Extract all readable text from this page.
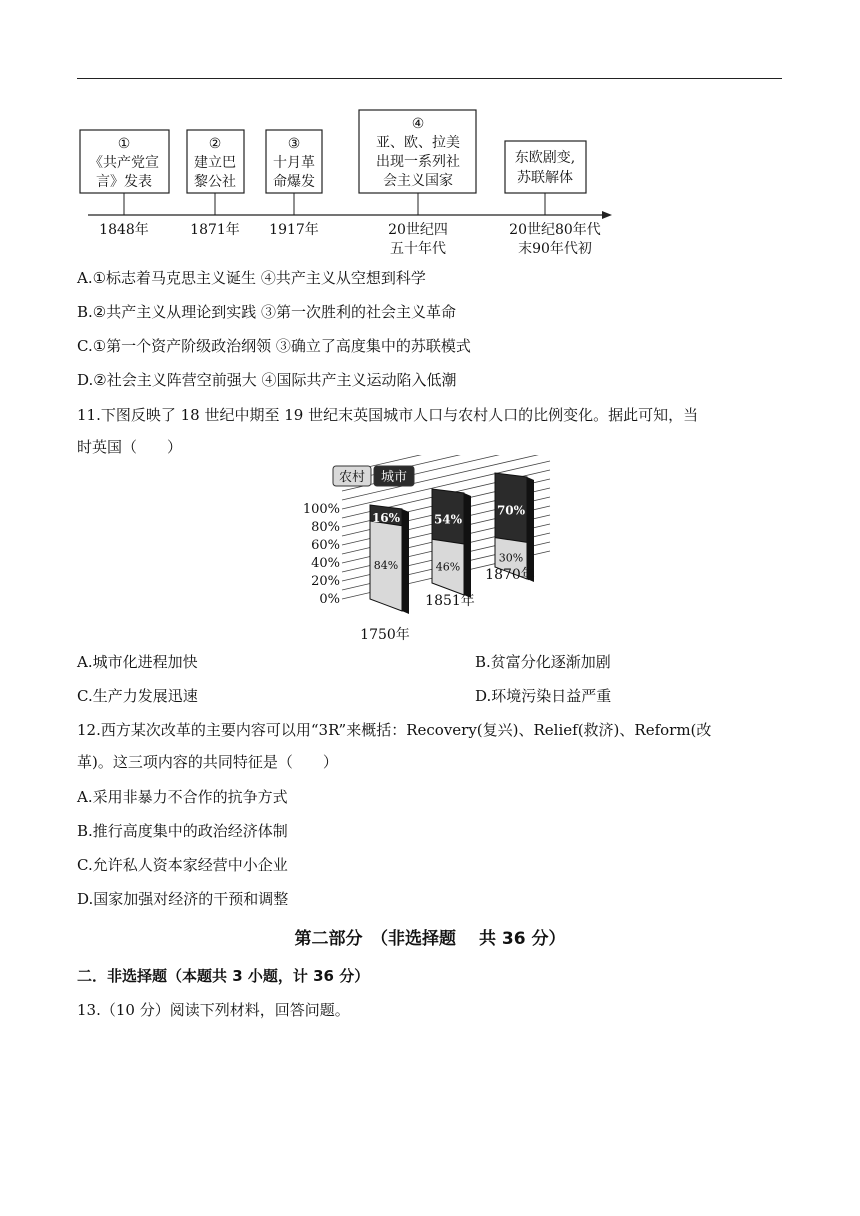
①
《共产党宣
言》发表
②
建立巴
黎公社
③
十月革
命爆发
④
亚、欧、拉美
出现一系列社
会主义国家
东欧剧变,
苏联解体
1848年	1871年 1917年	20世纪四
五十年代
20世纪80年代
末90年代初
A.①标志着马克思主义诞生 ④共产主义从空想到科学
B.②共产主义从理论到实践 ③第一次胜利的社会主义革命
C.①第一个资产阶级政治纲领 ③确立了高度集中的苏联模式
D.②社会主义阵营空前强大 ④国际共产主义运动陷入低潮
11.下图反映了 18 世纪中期至 19 世纪末英国城市人口与农村人口的比例变化。据此可知，当
时英国（　　）
16%
84%
54%
46%
70%
30%
100%
80%
60%
40%
20%
0%
1750年
1851年
1870年
农村 城市
A.城市化进程加快	B.贫富分化逐渐加剧
C.生产力发展迅速	D.环境污染日益严重
12.西方某次改革的主要内容可以用“3R”来概括：Recovery(复兴)、Relief(救济)、Reform(改
革)。这三项内容的共同特征是（　　）
A.采用非暴力不合作的抗争方式
B.推行高度集中的政治经济体制
C.允许私人资本家经营中小企业
D.国家加强对经济的干预和调整
第二部分　（非选择题　 共 36 分）
二．非选择题（本题共 3 小题，计 36 分）
13.（10 分）阅读下列材料，回答问题。
